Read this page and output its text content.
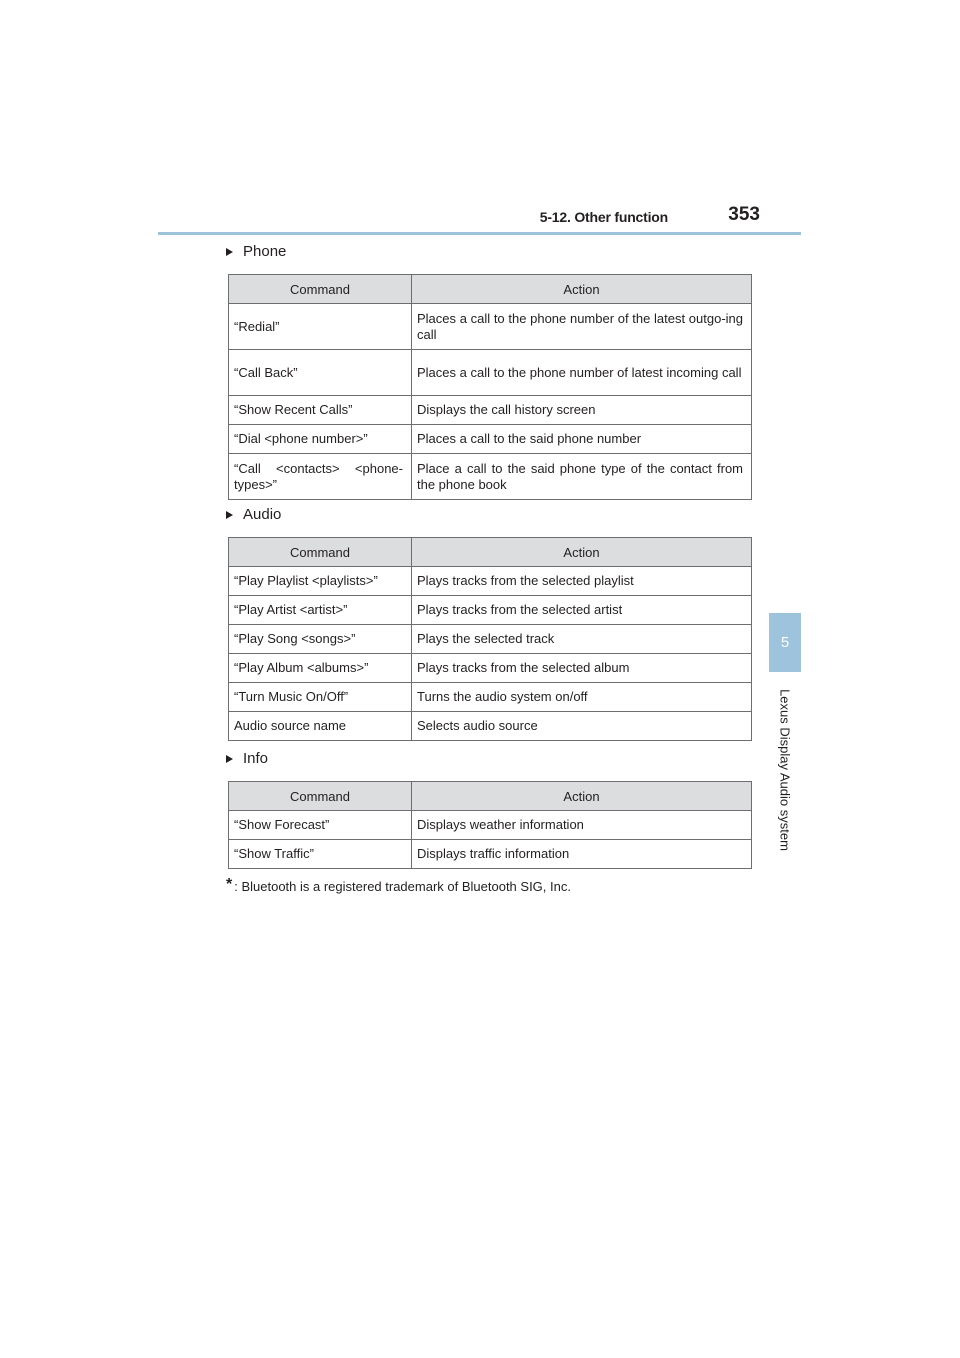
5-12. Other function	353
5
Lexus Display Audio system
Phone
Command	Action
“Redial”	Places a call to the phone number of the latest outgo-ing call
“Call Back”	Places a call to the phone number of latest incoming call
“Show Recent Calls”	Displays the call history screen
“Dial <phone number>”	Places a call to the said phone number
“Call <contacts> <phone-types>”	Place a call to the said phone type of the contact from the phone book
Audio
Command	Action
“Play Playlist <playlists>”	Plays tracks from the selected playlist
“Play Artist <artist>”	Plays tracks from the selected artist
“Play Song <songs>”	Plays the selected track
“Play Album <albums>”	Plays tracks from the selected album
“Turn Music On/Off”	Turns the audio system on/off
Audio source name	Selects audio source
Info
Command	Action
“Show Forecast”	Displays weather information
“Show Traffic”	Displays traffic information
* : Bluetooth is a registered trademark of Bluetooth SIG, Inc.
